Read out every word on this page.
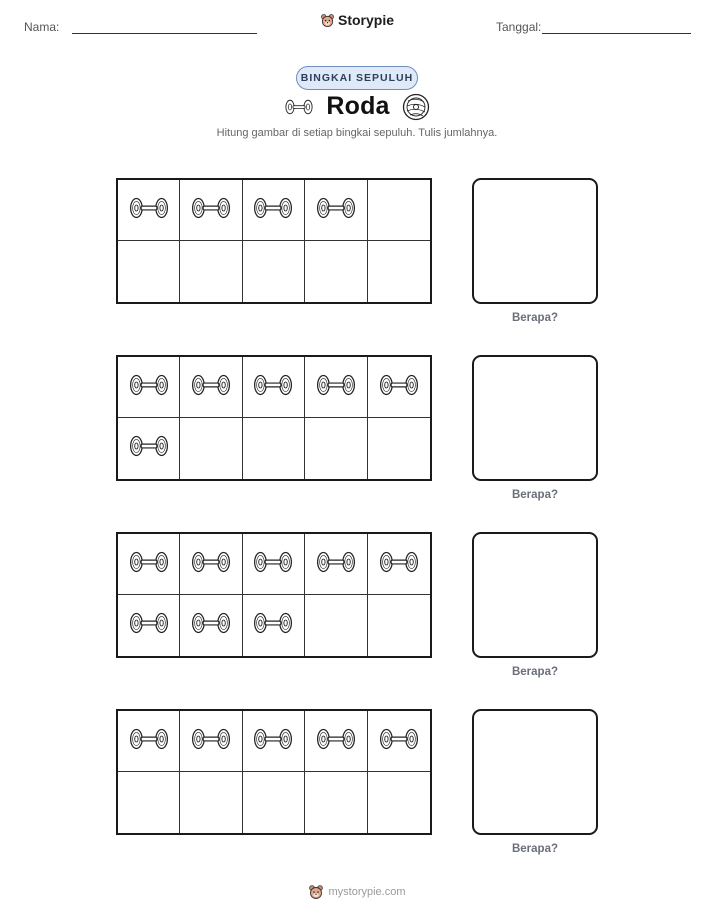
Nama:	Storypie	Tanggal:
BINGKAI SEPULUH
Roda
Hitung gambar di setiap bingkai sepuluh. Tulis jumlahnya.
Berapa?
Berapa?
Berapa?
Berapa?
mystorypie.com
